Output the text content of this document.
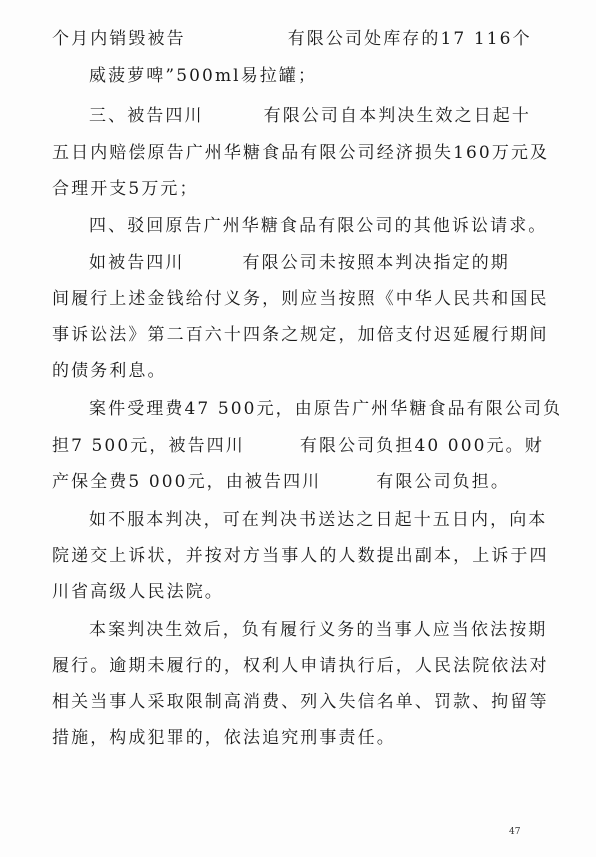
个月内销毁被告	有限公司处库存的17 116个
威菠萝啤”500ml易拉罐；
三、被告四川	有限公司自本判决生效之日起十
五日内赔偿原告广州华糖食品有限公司经济损失160万元及
合理开支5万元；
四、驳回原告广州华糖食品有限公司的其他诉讼请求。
如被告四川	有限公司未按照本判决指定的期
间履行上述金钱给付义务，则应当按照《中华人民共和国民
事诉讼法》第二百六十四条之规定，加倍支付迟延履行期间
的债务利息。
案件受理费47 500元，由原告广州华糖食品有限公司负
担7 500元，被告四川	有限公司负担40 000元。财
产保全费5 000元，由被告四川	有限公司负担。
如不服本判决，可在判决书送达之日起十五日内，向本
院递交上诉状，并按对方当事人的人数提出副本，上诉于四
川省高级人民法院。
本案判决生效后，负有履行义务的当事人应当依法按期
履行。逾期未履行的，权利人申请执行后，人民法院依法对
相关当事人采取限制高消费、列入失信名单、罚款、拘留等
措施，构成犯罪的，依法追究刑事责任。
47
